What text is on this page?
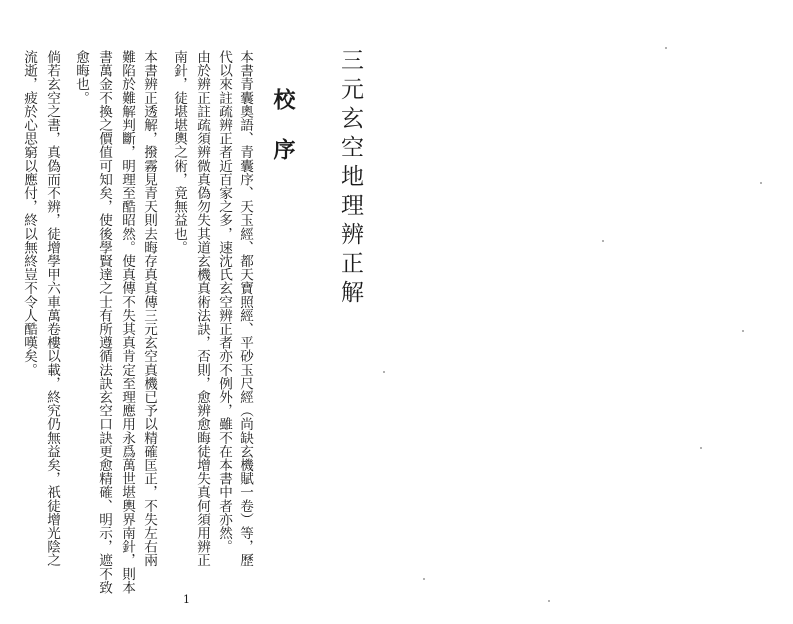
三元玄空地理辨正解
校序
本書青囊奧語、青囊序、天玉經、都天寶照經、平砂玉尺經（尚缺玄機賦一卷）等，歷
代以來註疏辨正者近百家之多，速沈氏玄空辨正者亦不例外，雖不在本書中者亦然。
由於辨正註疏須辨微真偽勿失其道玄機真術法訣，否則，愈辨愈晦徒增失真何須用辨正
南針，徒堪堪輿之術，竟無益也。
本書辨正透解，撥霧見青天則去晦存真真傳三元玄空真機已予以精確匡正，不失左右兩
難陷於難解判斷，明理至酷昭然。使真傳不失其真肯定至理應用永爲萬世堪輿界南針，則本
書萬金不換之價值可知矣，使後學賢達之士有所遵循法訣玄空口訣更愈精確、明示，遮不致
愈晦也。
倘若玄空之書，真偽而不辨，徒增學甲六車萬卷樓以載，終究仍無益矣，祇徒增光陰之
流逝，疲於心思窮以應付，終以無終豈不令人酷嘆矣。
1
